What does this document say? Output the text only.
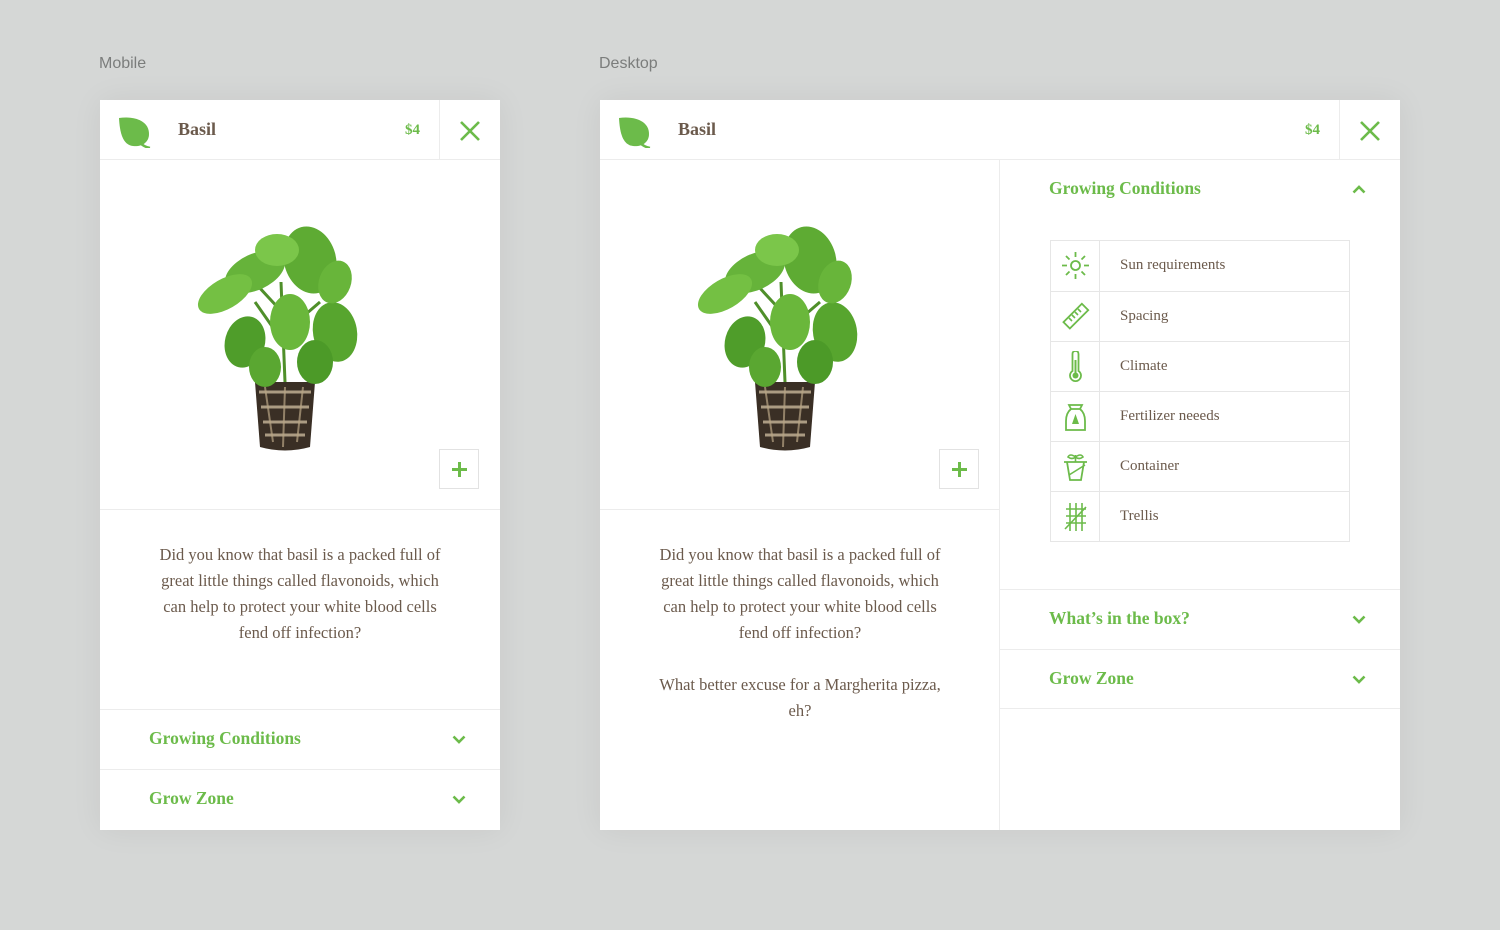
Mobile	Desktop
Basil	$4

Did you know that basil is a packed full of great little things called flavonoids, which can help to protect your white blood cells fend off infection?

Growing Conditions
Grow Zone
Basil	$4

Did you know that basil is a packed full of great little things called flavonoids, which can help to protect your white blood cells fend off infection?

What better excuse for a Margherita pizza, eh?

Growing Conditions
Sun requirements
Spacing
Climate
Fertilizer neeeds
Container
Trellis
What’s in the box?
Grow Zone
